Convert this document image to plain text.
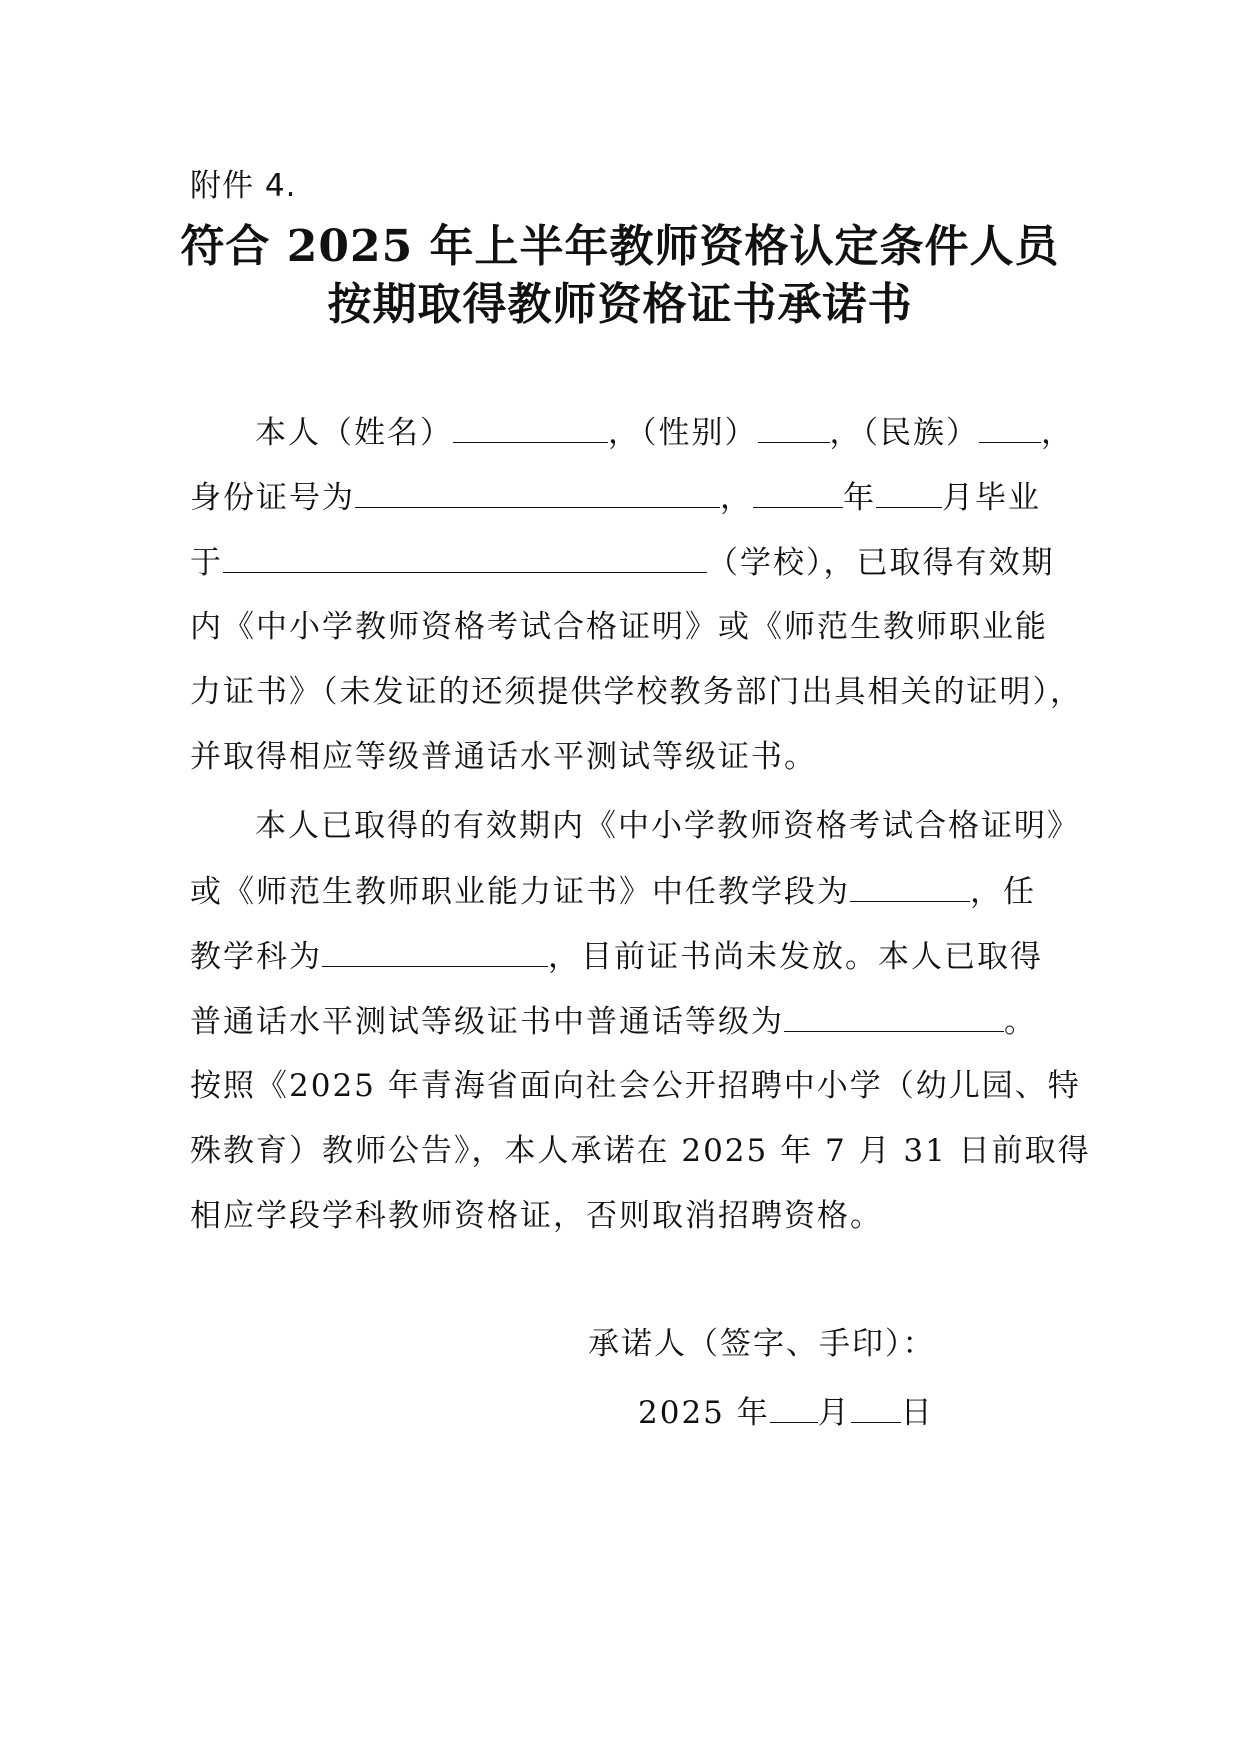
附件 4.
符合 2025 年上半年教师资格认定条件人员
按期取得教师资格证书承诺书
本人（姓名）	，（性别） ，（民族） ，
身份证号为	，	年 月毕业
于	（学校），已取得有效期
内《中小学教师资格考试合格证明》或《师范生教师职业能
力证书》（未发证的还须提供学校教务部门出具相关的证明），
并取得相应等级普通话水平测试等级证书。
本人已取得的有效期内《中小学教师资格考试合格证明》
或《师范生教师职业能力证书》中任教学段为	，任
教学科为	，目前证书尚未发放。本人已取得
普通话水平测试等级证书中普通话等级为	。
按照《2025 年青海省面向社会公开招聘中小学（幼儿园、特
殊教育）教师公告》，本人承诺在 2025 年 7 月 31 日前取得
相应学段学科教师资格证，否则取消招聘资格。
承诺人（签字、手印）：
2025 年 月 日
